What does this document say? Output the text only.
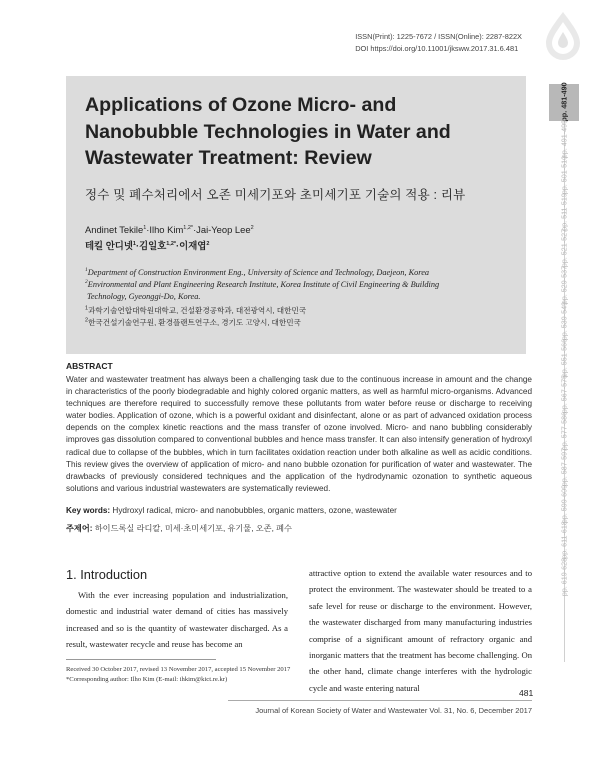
ISSN(Print): 1225-7672 / ISSN(Online): 2287-822X
DOI https://doi.org/10.11001/jksww.2017.31.6.481
Applications of Ozone Micro- and
Nanobubble Technologies in Water and
Wastewater Treatment: Review
정수 및 폐수처리에서 오존 미세기포와 초미세기포 기술의 적용 : 리뷰
Andinet Tekile$^1$·Ilho Kim$^{1,2*}$·Jai-Yeop Lee$^2$
테킬 안디넷$^1$·김일호$^{1,2*}$·이재엽$^2$
$^1$Department of Construction Environment Eng., University of Science and Technology, Daejeon, Korea
$^2$Environmental and Plant Engineering Research Institute, Korea Institute of Civil Engineering & Building
Technology, Gyeonggi-Do, Korea.
$^1$과학기술연합대학원대학교, 건설환경공학과, 대전광역시, 대한민국
$^2$한국건설기술연구원, 환경플랜트연구소, 경기도 고양시, 대한민국
pp. 481-490
pp. 491-499
pp. 501-510
pp. 511-519
pp. 521-527
pp. 529-537
pp. 539-549
pp. 551-566
pp. 567-575
pp. 577-586
pp. 587-597
pp. 599-609
pp. 611-618
pp. 619-628
ABSTRACT
Water and wastewater treatment has always been a challenging task due to the continuous increase in amount and the change in characteristics of the poorly biodegradable and highly colored organic matters, as well as harmful micro-organisms. Advanced techniques are therefore required to successfully remove these pollutants from water before reuse or discharge to receiving water bodies. Application of ozone, which is a powerful oxidant and disinfectant, alone or as part of advanced oxidation process depends on the complex kinetic reactions and the mass transfer of ozone involved. Micro- and nano bubbling considerably improves gas dissolution compared to conventional bubbles and hence mass transfer. It can also intensify generation of hydroxyl radical due to collapse of the bubbles, which in turn facilitates oxidation reaction under both alkaline as well as acidic conditions. This review gives the overview of application of micro- and nano bubble ozonation for purification of water and wastewater. The drawbacks of previously considered techniques and the application of the hydrodynamic ozonation to synthetic aqueous solutions and various industrial wastewaters are systematically reviewed.
Key words: Hydroxyl radical, micro- and nanobubbles, organic matters, ozone, wastewater
주제어: 하이드록실 라디칼, 미세·초미세기포, 유기물, 오존, 폐수
1. Introduction
With the ever increasing population and industrialization, domestic and industrial water demand of cities has massively increased and so is the quantity of wastewater discharged. As a result, wastewater recycle and reuse has become an
attractive option to extend the available water resources and to protect the environment. The wastewater should be treated to a safe level for reuse or discharge to the environment. However, the wastewater discharged from many manufacturing industries comprise of a significant amount of refractory organic and inorganic matters that the treatment has become challenging. On the other hand, climate change interferes with the hydrologic cycle and waste entering natural
Received 30 October 2017, revised 13 November 2017, accepted 15 November 2017
*Corresponding author: Ilho Kim (E-mail: ihkim@kict.re.kr)
481
Journal of Korean Society of Water and Wastewater Vol. 31, No. 6, December 2017
